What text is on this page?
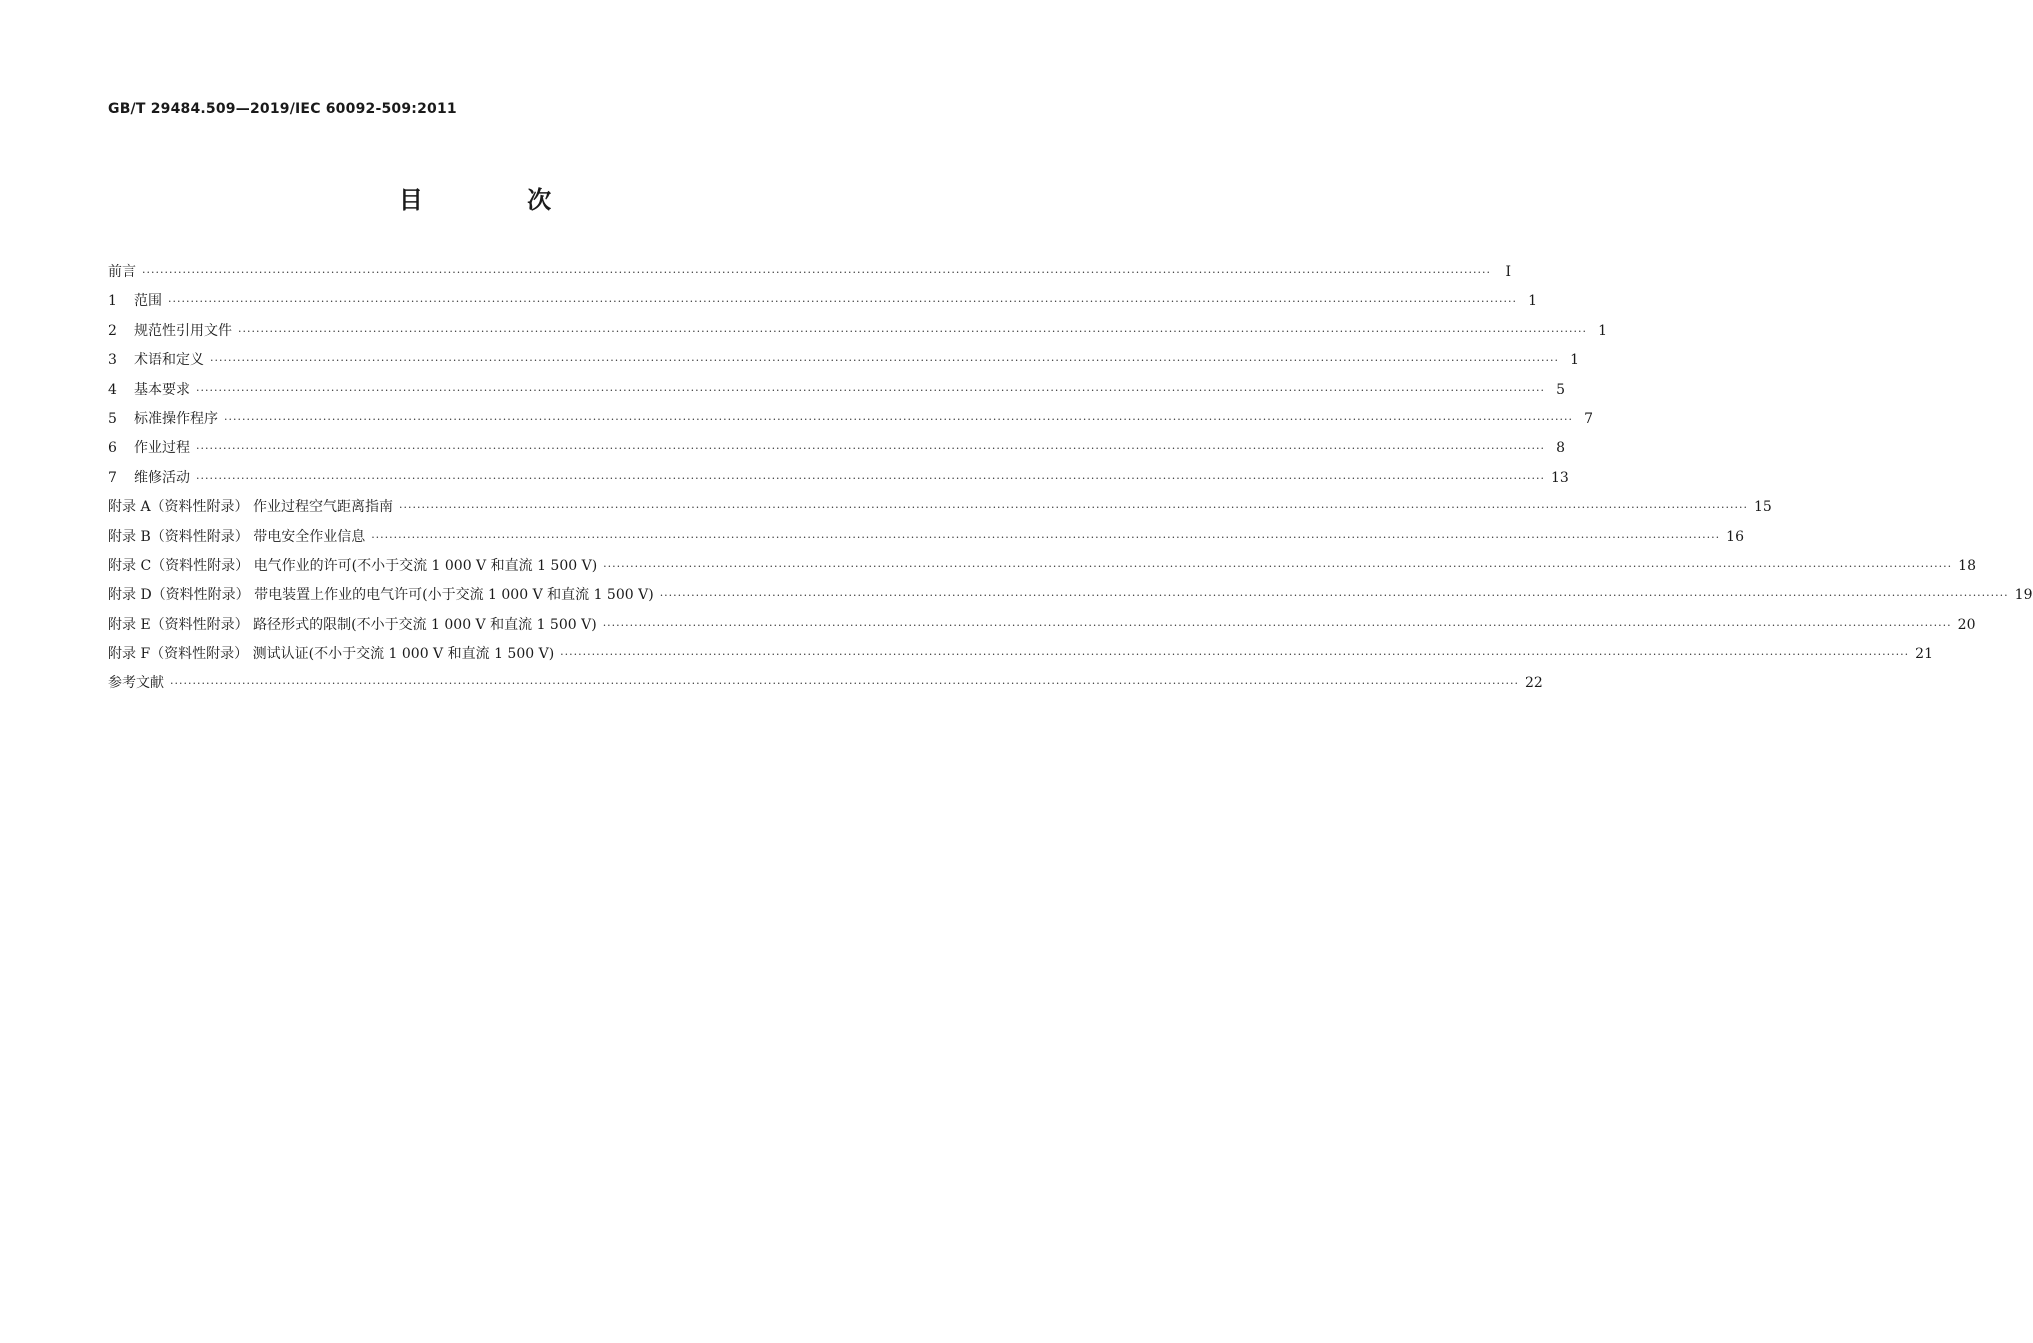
GB/T 29484.509—2019/IEC 60092-509:2011
目 次
前言 ············································································································································································································································································································	Ⅰ
1 范围 ············································································································································································································································································································ 1
2 规范性引用文件 ············································································································································································································································································································ 1
3 术语和定义 ············································································································································································································································································································ 1
4 基本要求 ············································································································································································································································································································ 5
5 标准操作程序 ············································································································································································································································································································ 7
6 作业过程 ············································································································································································································································································································ 8
7 维修活动 ············································································································································································································································································································ 13
附录 A（资料性附录） 作业过程空气距离指南 ············································································································································································································································································································ 15
附录 B（资料性附录） 带电安全作业信息 ············································································································································································································································································································ 16
附录 C（资料性附录） 电气作业的许可(不小于交流 1 000 V 和直流 1 500 V) ············································································································································································································································································································ 18
附录 D（资料性附录） 带电装置上作业的电气许可(小于交流 1 000 V 和直流 1 500 V) ············································································································································································································································································································ 19
附录 E（资料性附录） 路径形式的限制(不小于交流 1 000 V 和直流 1 500 V) ············································································································································································································································································································ 20
附录 F（资料性附录） 测试认证(不小于交流 1 000 V 和直流 1 500 V) ············································································································································································································································································································ 21
参考文献 ············································································································································································································································································································ 22
